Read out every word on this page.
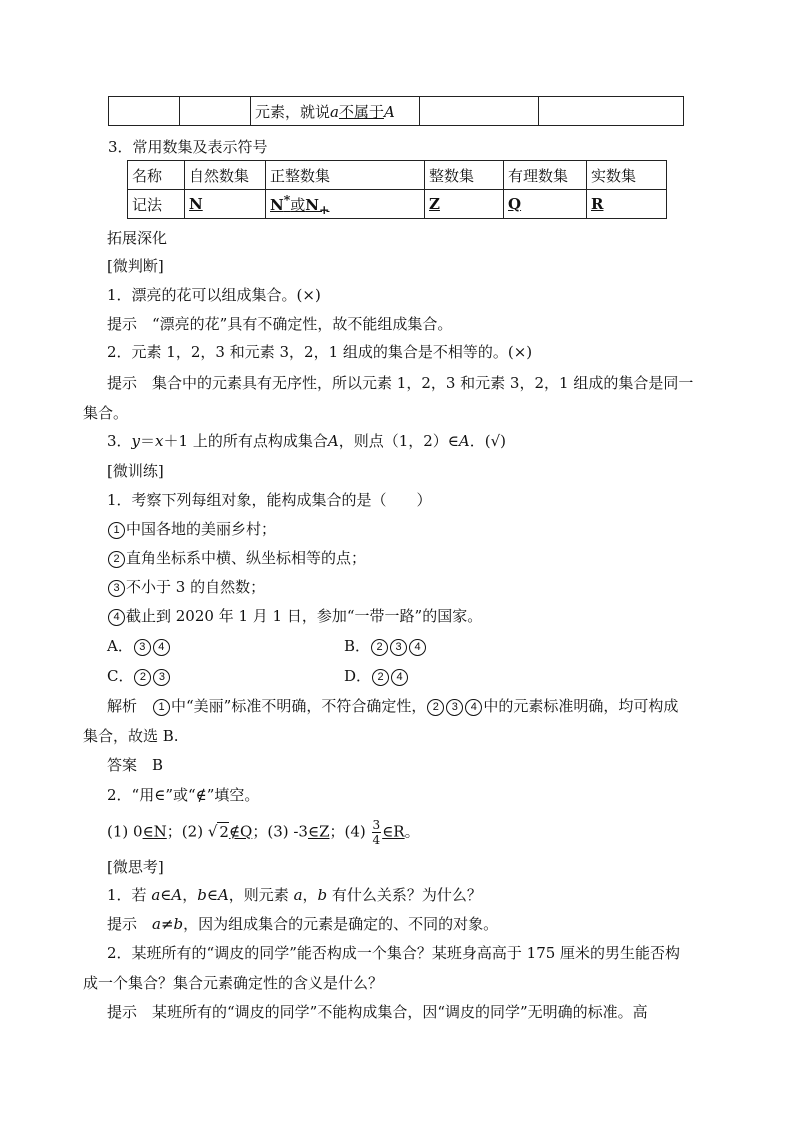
		元素，就说a不属于A		
3．常用数集及表示符号
名称	自然数集	正整数集	整数集	有理数集	实数集
记法	N	N*或$N_+$	Z	Q	R
拓展深化
[微判断]
1．漂亮的花可以组成集合。(×)
提示　“漂亮的花”具有不确定性，故不能组成集合。
2．元素 1，2，3 和元素 3，2，1 组成的集合是不相等的。(×)
提示　集合中的元素具有无序性，所以元素 1，2，3 和元素 3，2，1 组成的集合是同一
集合。
3．y＝x＋1 上的所有点构成集合A，则点（1，2）∈A．(√)
[微训练]
1．考察下列每组对象，能构成集合的是（　　）
1 中国各地的美丽乡村；
2 直角坐标系中横、纵坐标相等的点；
3 不小于 3 的自然数；
4 截止到 2020 年 1 月 1 日，参加“一带一路”的国家。
A． 3 4	B． 2 3 4
C． 2 3	D． 2 4
解析　1 中“美丽”标准不明确，不符合确定性， 2 3 4 中的元素标准明确，均可构成
集合，故选 B.
答案　B
2．“用∈”或“∉”填空。
(1) 0∈N；(2) √ 2∉Q；(3) -3∈Z；$(4) \frac{3}{4}$ ∈R。
[微思考]
1．若 a∈A，b∈A，则元素 a，b 有什么关系？为什么？
提示　a≠b，因为组成集合的元素是确定的、不同的对象。
2．某班所有的“调皮的同学”能否构成一个集合？某班身高高于 175 厘米的男生能否构
成一个集合？集合元素确定性的含义是什么？
提示　某班所有的“调皮的同学”不能构成集合，因“调皮的同学”无明确的标准。高
